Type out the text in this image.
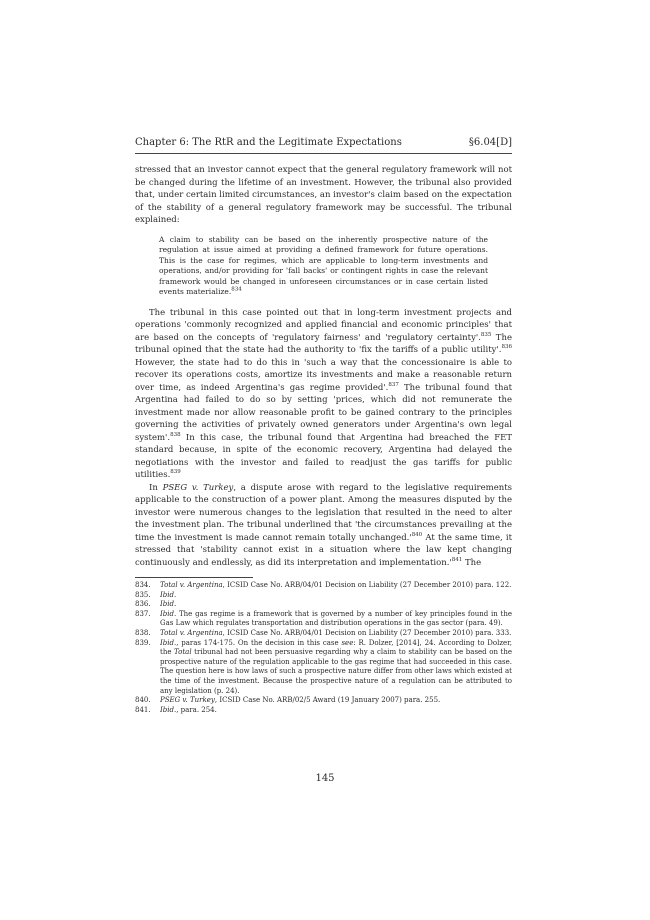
Chapter 6: The RtR and the Legitimate Expectations	§6.04[D]

stressed that an investor cannot expect that the general regulatory framework will not be changed during the lifetime of an investment. However, the tribunal also provided that, under certain limited circumstances, an investor's claim based on the expectation of the stability of a general regulatory framework may be successful. The tribunal explained:

A claim to stability can be based on the inherently prospective nature of the regulation at issue aimed at providing a defined framework for future operations. This is the case for regimes, which are applicable to long-term investments and operations, and/or providing for 'fall backs' or contingent rights in case the relevant framework would be changed in unforeseen circumstances or in case certain listed events materialize.$^{834}$

The tribunal in this case pointed out that in long-term investment projects and operations 'commonly recognized and applied financial and economic principles' that are based on the concepts of 'regulatory fairness' and 'regulatory certainty'.$^{835}$ The tribunal opined that the state had the authority to 'fix the tariffs of a public utility'.$^{836}$ However, the state had to do this in 'such a way that the concessionaire is able to recover its operations costs, amortize its investments and make a reasonable return over time, as indeed Argentina's gas regime provided'.$^{837}$ The tribunal found that Argentina had failed to do so by setting 'prices, which did not remunerate the investment made nor allow reasonable profit to be gained contrary to the principles governing the activities of privately owned generators under Argentina's own legal system'.$^{838}$ In this case, the tribunal found that Argentina had breached the FET standard because, in spite of the economic recovery, Argentina had delayed the negotiations with the investor and failed to readjust the gas tariffs for public utilities.$^{839}$

In PSEG v. Turkey, a dispute arose with regard to the legislative requirements applicable to the construction of a power plant. Among the measures disputed by the investor were numerous changes to the legislation that resulted in the need to alter the investment plan. The tribunal underlined that 'the circumstances prevailing at the time the investment is made cannot remain totally $unchanged.'^{840}$ At the same time, it stressed that 'stability cannot exist in a situation where the law kept changing continuously and endlessly, as did its interpretation and $implementation.'^{841}$ The

834.	Total v. Argentina, ICSID Case No. ARB/04/01 Decision on Liability (27 December 2010) para. 122.
835.	Ibid.
836.	Ibid.
837.	Ibid. The gas regime is a framework that is governed by a number of key principles found in the Gas Law which regulates transportation and distribution operations in the gas sector (para. 49).
838.	Total v. Argentina, ICSID Case No. ARB/04/01 Decision on Liability (27 December 2010) para. 333.
839.	Ibid., paras 174-175. On the decision in this case see: R. Dolzer, [2014], 24. According to Dolzer, the Total tribunal had not been persuasive regarding why a claim to stability can be based on the prospective nature of the regulation applicable to the gas regime that had succeeded in this case. The question here is how laws of such a prospective nature differ from other laws which existed at the time of the investment. Because the prospective nature of a regulation can be attributed to any legislation (p. 24).
840.	PSEG v. Turkey, ICSID Case No. ARB/02/5 Award (19 January 2007) para. 255.
841.	Ibid., para. 254.
145
